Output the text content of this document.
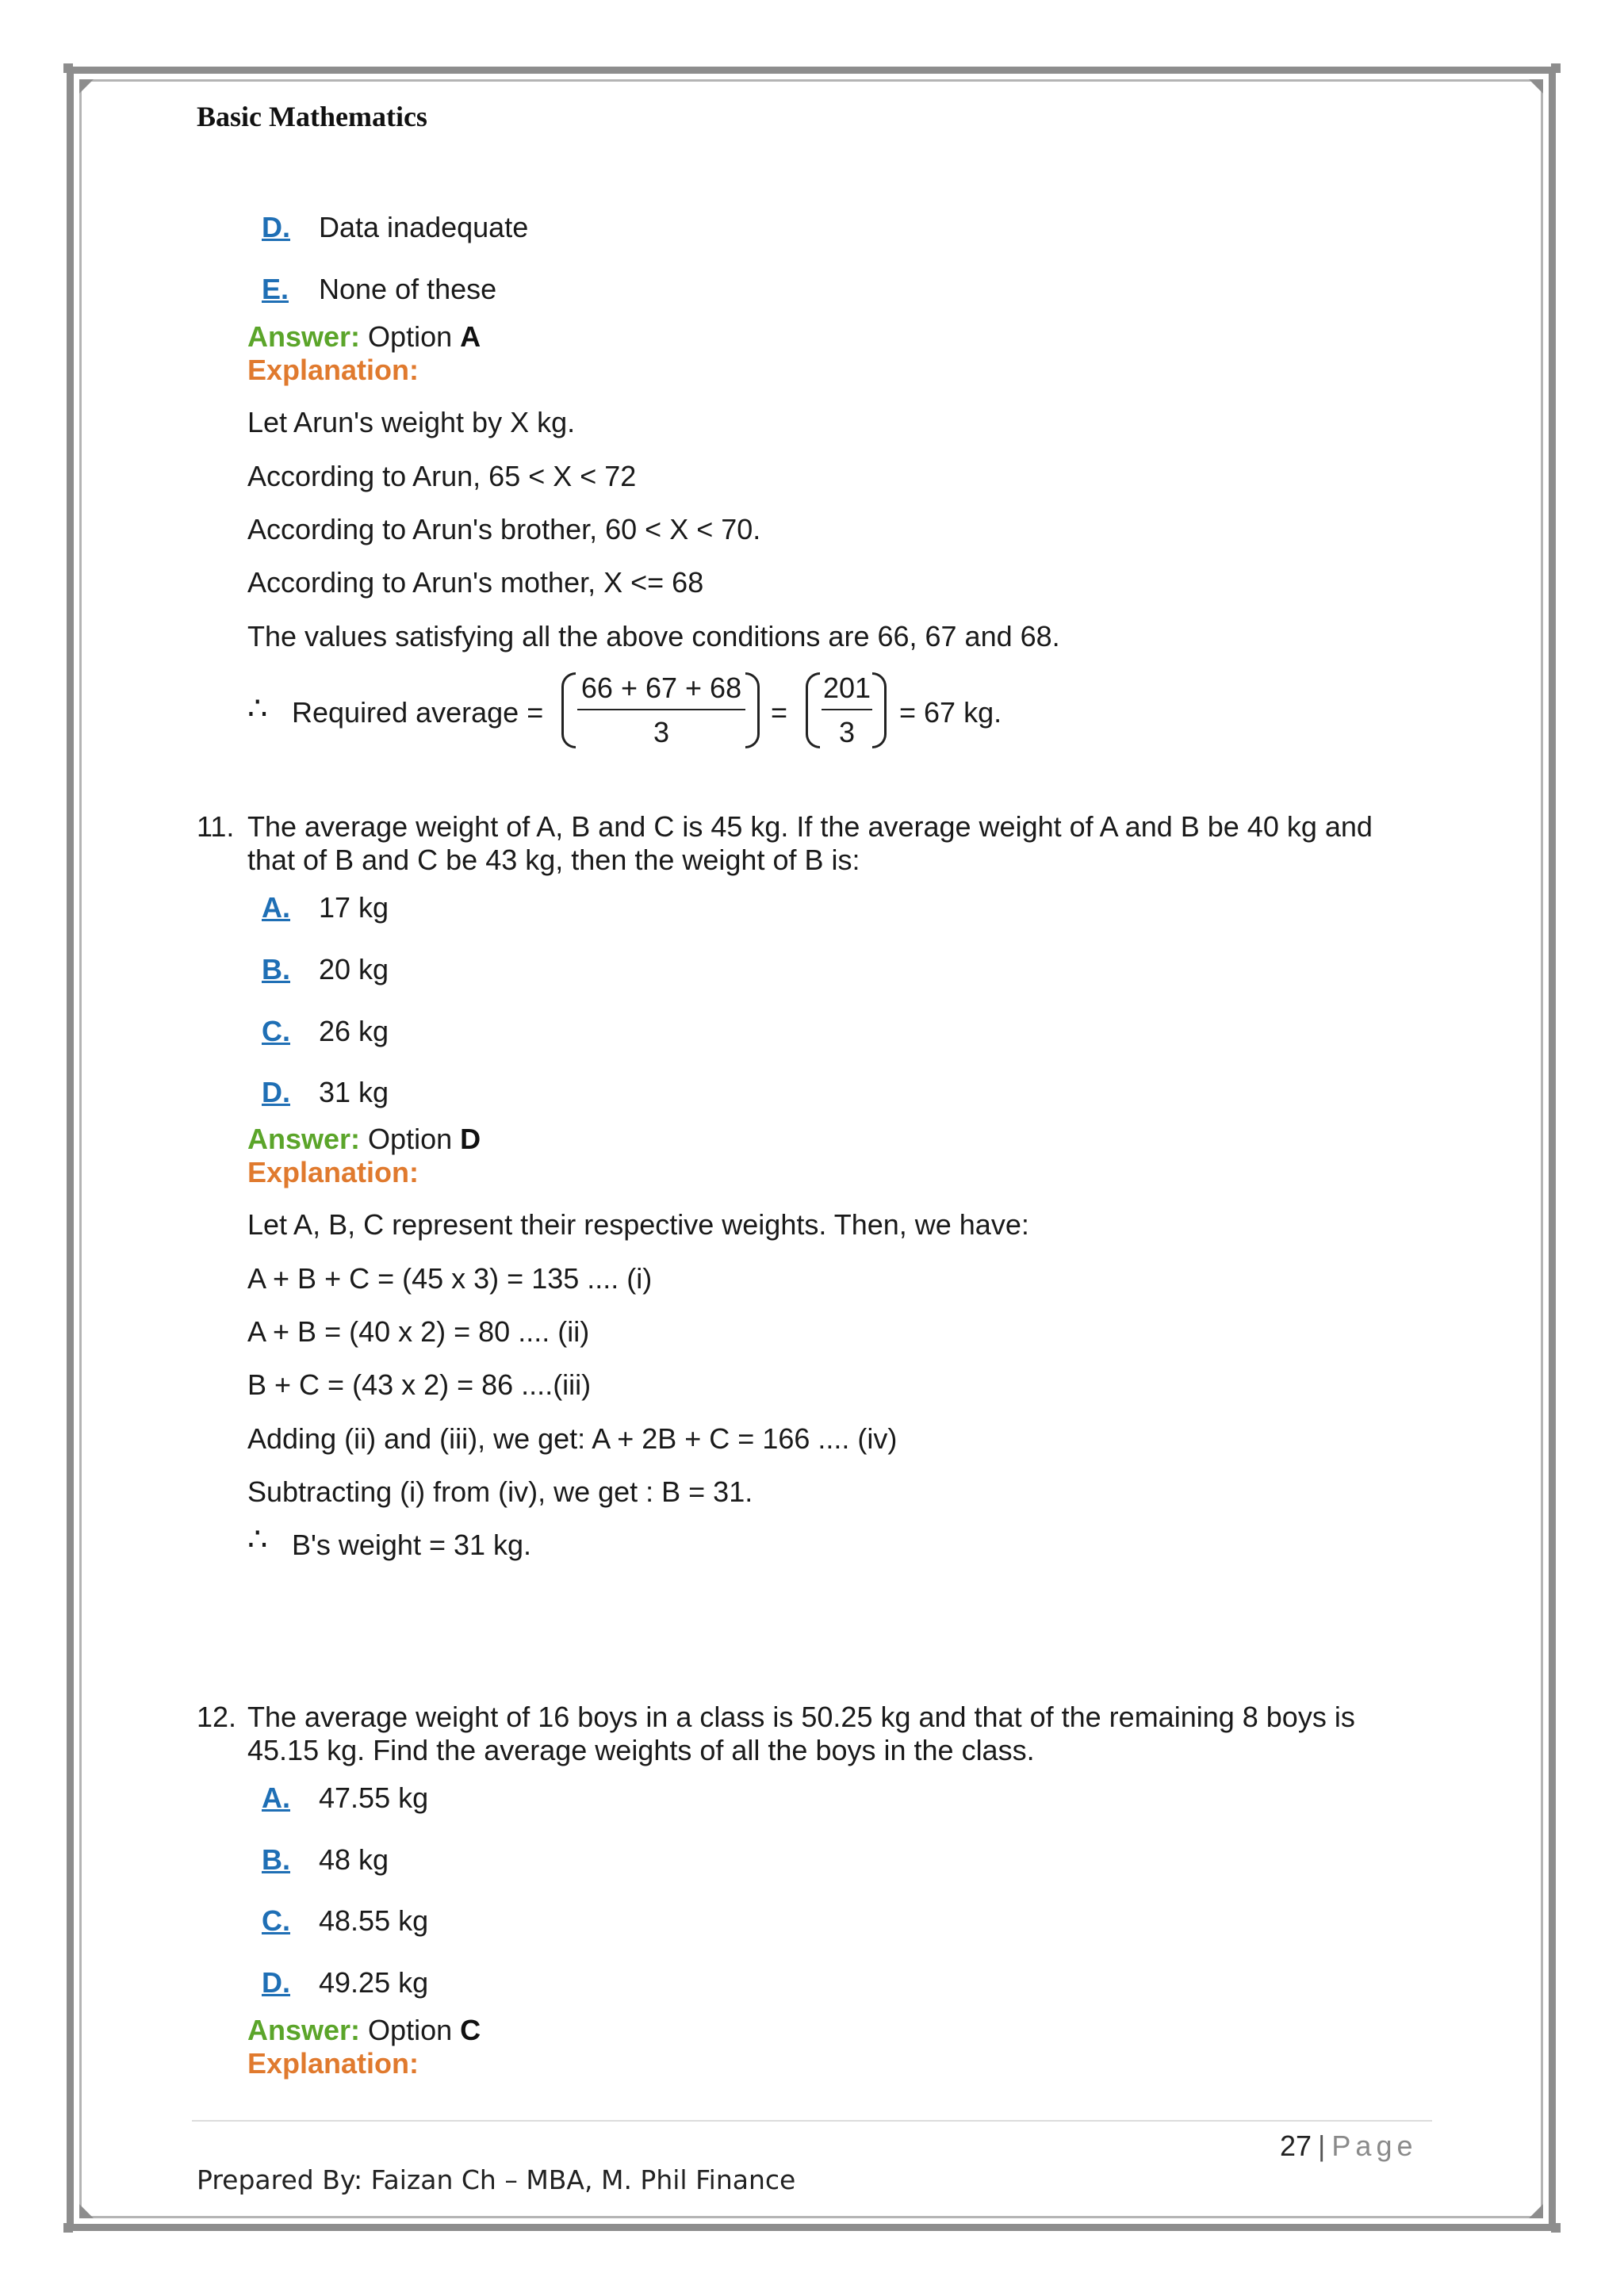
Basic Mathematics
D. Data inadequate
E. None of these
Answer: Option A
Explanation:
Let Arun's weight by X kg.
According to Arun, 65 < X < 72
According to Arun's brother, 60 < X < 70.
According to Arun's mother, X <= 68
The values satisfying all the above conditions are 66, 67 and 68.
∴ Required average =
66 + 67 + 68
3
=
201
3
= 67 kg.
11. The average weight of A, B and C is 45 kg. If the average weight of A and B be 40 kg and
that of B and C be 43 kg, then the weight of B is:
A. 17 kg
B. 20 kg
C. 26 kg
D. 31 kg
Answer: Option D
Explanation:
Let A, B, C represent their respective weights. Then, we have:
A + B + C = (45 x 3) = 135 .... (i)
A + B = (40 x 2) = 80 .... (ii)
B + C = (43 x 2) = 86 ....(iii)
Adding (ii) and (iii), we get: A + 2B + C = 166 .... (iv)
Subtracting (i) from (iv), we get : B = 31.
∴ B's weight = 31 kg.
12. The average weight of 16 boys in a class is 50.25 kg and that of the remaining 8 boys is
45.15 kg. Find the average weights of all the boys in the class.
A. 47.55 kg
B. 48 kg
C. 48.55 kg
D. 49.25 kg
Answer: Option C
Explanation:
27 | Page
Prepared By: Faizan Ch – MBA, M. Phil Finance
